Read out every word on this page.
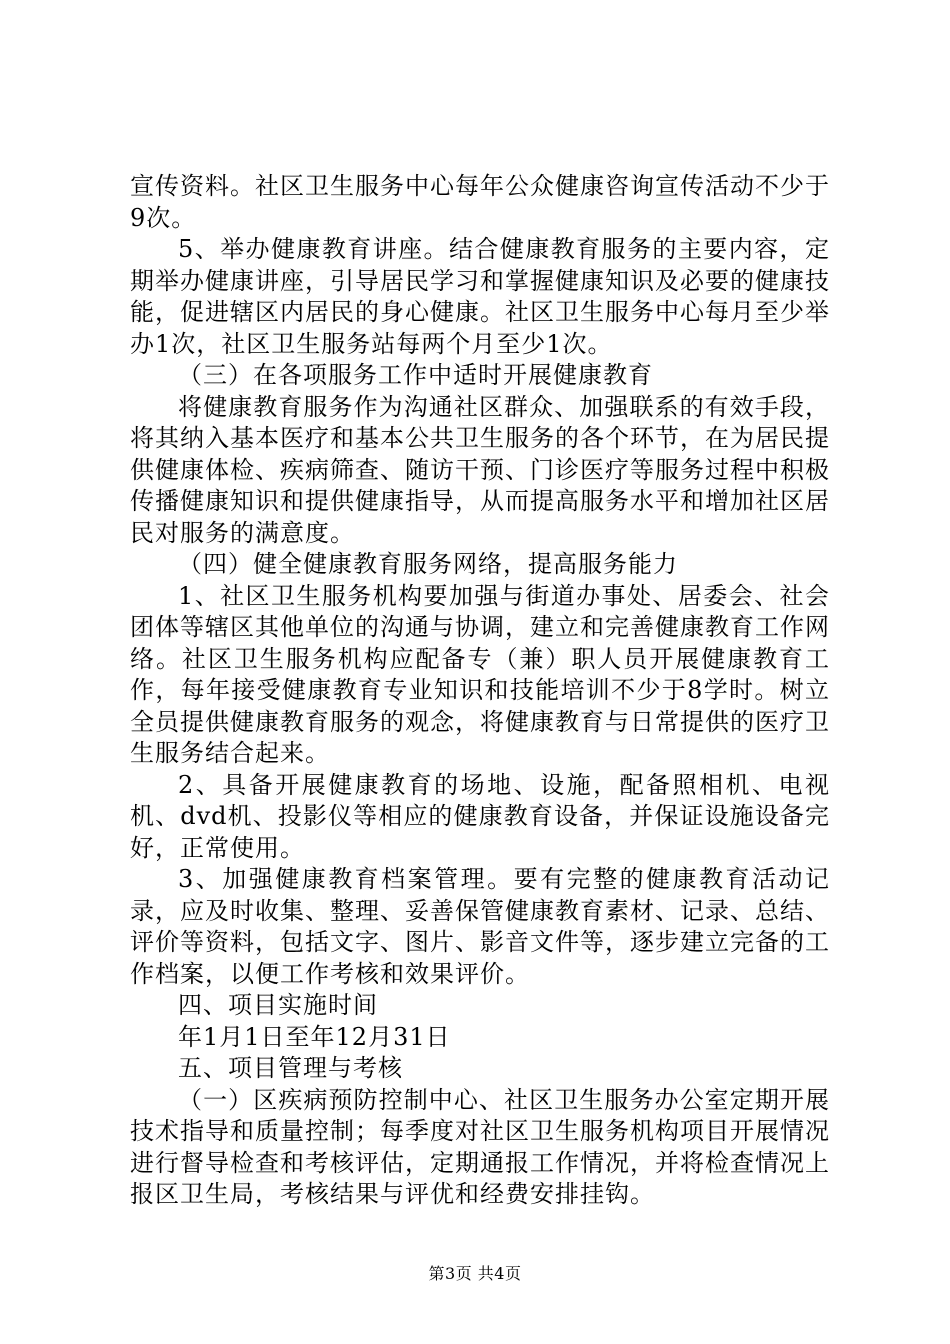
宣传资料。社区卫生服务中心每年公众健康咨询宣传活动不少于9次。

5、举办健康教育讲座。结合健康教育服务的主要内容，定期举办健康讲座，引导居民学习和掌握健康知识及必要的健康技能，促进辖区内居民的身心健康。社区卫生服务中心每月至少举办1次，社区卫生服务站每两个月至少1次。

（三）在各项服务工作中适时开展健康教育

将健康教育服务作为沟通社区群众、加强联系的有效手段，将其纳入基本医疗和基本公共卫生服务的各个环节，在为居民提供健康体检、疾病筛查、随访干预、门诊医疗等服务过程中积极传播健康知识和提供健康指导，从而提高服务水平和增加社区居民对服务的满意度。

（四）健全健康教育服务网络，提高服务能力

1、社区卫生服务机构要加强与街道办事处、居委会、社会团体等辖区其他单位的沟通与协调，建立和完善健康教育工作网络。社区卫生服务机构应配备专（兼）职人员开展健康教育工作，每年接受健康教育专业知识和技能培训不少于8学时。树立全员提供健康教育服务的观念，将健康教育与日常提供的医疗卫生服务结合起来。

2、具备开展健康教育的场地、设施，配备照相机、电视机、dvd机、投影仪等相应的健康教育设备，并保证设施设备完好，正常使用。

3、加强健康教育档案管理。要有完整的健康教育活动记录，应及时收集、整理、妥善保管健康教育素材、记录、总结、评价等资料，包括文字、图片、影音文件等，逐步建立完备的工作档案，以便工作考核和效果评价。

四、项目实施时间

年1月1日至年12月31日

五、项目管理与考核

（一）区疾病预防控制中心、社区卫生服务办公室定期开展技术指导和质量控制；每季度对社区卫生服务机构项目开展情况进行督导检查和考核评估，定期通报工作情况，并将检查情况上报区卫生局，考核结果与评优和经费安排挂钩。

第3页 共4页
